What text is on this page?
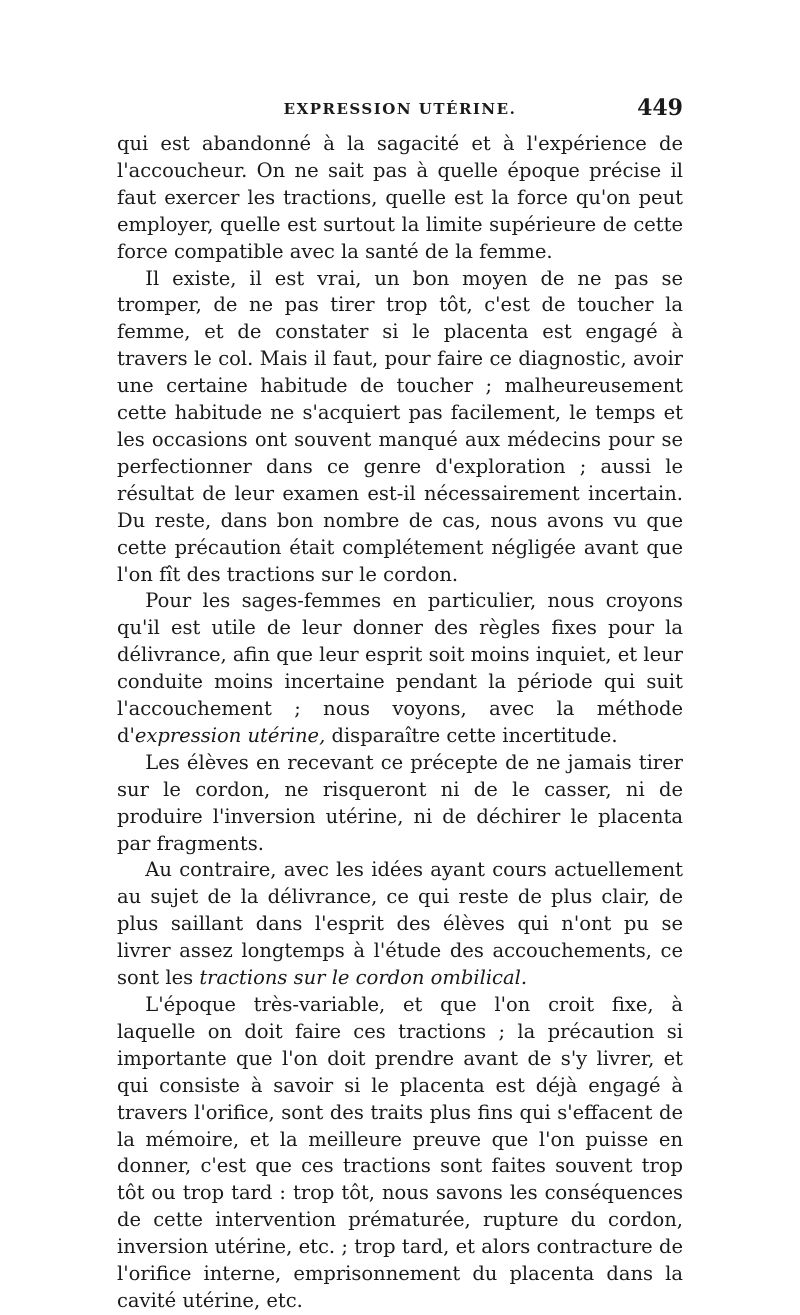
EXPRESSION UTÉRINE.	449

qui est abandonné à la sagacité et à l'expérience de l'accoucheur. On ne sait pas à quelle époque précise il faut exercer les tractions, quelle est la force qu'on peut employer, quelle est surtout la limite supérieure de cette force compatible avec la santé de la femme.

Il existe, il est vrai, un bon moyen de ne pas se tromper, de ne pas tirer trop tôt, c'est de toucher la femme, et de constater si le placenta est engagé à travers le col. Mais il faut, pour faire ce diagnostic, avoir une certaine habitude de toucher ; malheureusement cette habitude ne s'acquiert pas facilement, le temps et les occasions ont souvent manqué aux médecins pour se perfectionner dans ce genre d'exploration ; aussi le résultat de leur examen est-il nécessairement incertain. Du reste, dans bon nombre de cas, nous avons vu que cette précaution était complétement négligée avant que l'on fît des tractions sur le cordon.

Pour les sages-femmes en particulier, nous croyons qu'il est utile de leur donner des règles fixes pour la délivrance, afin que leur esprit soit moins inquiet, et leur conduite moins incertaine pendant la période qui suit l'accouchement ; nous voyons, avec la méthode d'expression utérine, disparaître cette incertitude.

Les élèves en recevant ce précepte de ne jamais tirer sur le cordon, ne risqueront ni de le casser, ni de produire l'inversion utérine, ni de déchirer le placenta par fragments.

Au contraire, avec les idées ayant cours actuellement au sujet de la délivrance, ce qui reste de plus clair, de plus saillant dans l'esprit des élèves qui n'ont pu se livrer assez longtemps à l'étude des accouchements, ce sont les tractions sur le cordon ombilical.

L'époque très-variable, et que l'on croit fixe, à laquelle on doit faire ces tractions ; la précaution si importante que l'on doit prendre avant de s'y livrer, et qui consiste à savoir si le placenta est déjà engagé à travers l'orifice, sont des traits plus fins qui s'effacent de la mémoire, et la meilleure preuve que l'on puisse en donner, c'est que ces tractions sont faites souvent trop tôt ou trop tard : trop tôt, nous savons les conséquences de cette intervention prématurée, rupture du cordon, inversion utérine, etc. ; trop tard, et alors contracture de l'orifice interne, emprisonnement du placenta dans la cavité utérine, etc.
